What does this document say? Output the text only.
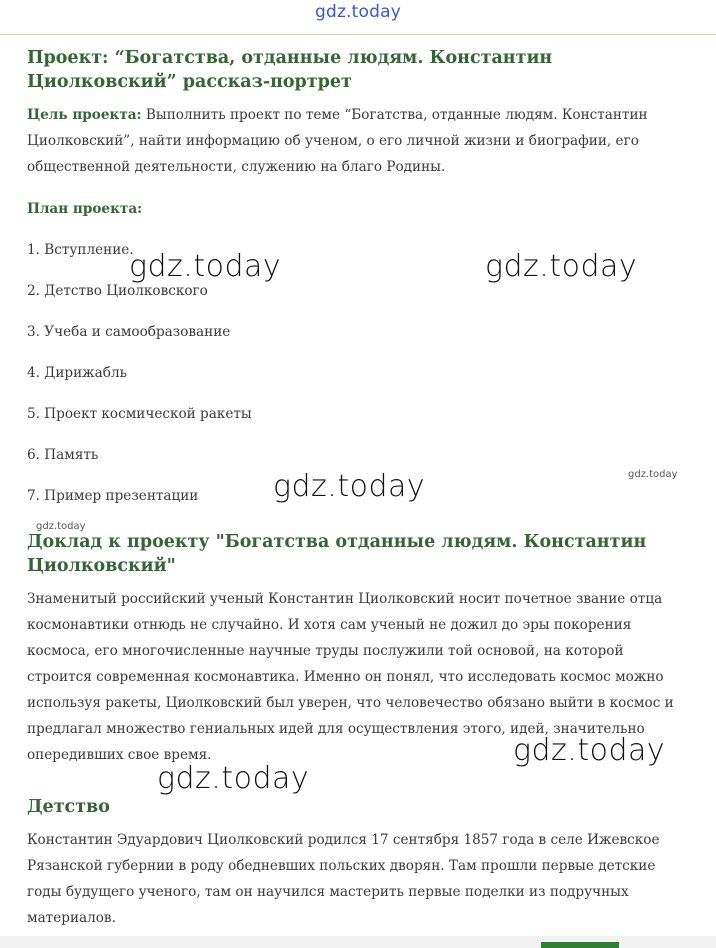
gdz.today
Проект: “Богатства, отданные людям. Константин Циолковский” рассказ-портрет

Цель проекта: Выполнить проект по теме “Богатства, отданные людям. Константин Циолковский”, найти информацию об ученом, о его личной жизни и биографии, его общественной деятельности, служению на благо Родины.

План проекта:
1. Вступление.
2. Детство Циолковского
3. Учеба и самообразование
4. Дирижабль
5. Проект космической ракеты
6. Память
7. Пример презентации
Доклад к проекту "Богатства отданные людям. Константин Циолковский"

Знаменитый российский ученый Константин Циолковский носит почетное звание отца космонавтики отнюдь не случайно. И хотя сам ученый не дожил до эры покорения космоса, его многочисленные научные труды послужили той основой, на которой строится современная космонавтика. Именно он понял, что исследовать космос можно используя ракеты, Циолковский был уверен, что человечество обязано выйти в космос и предлагал множество гениальных идей для осуществления этого, идей, значительно опередивших свое время.

Детство

Константин Эдуардович Циолковский родился 17 сентября 1857 года в селе Ижевское Рязанской губернии в роду обедневших польских дворян. Там прошли первые детские годы будущего ученого, там он научился мастерить первые поделки из подручных материалов.

gdz.today	gdz.today
gdz.today	gdz.today
gdz.today
gdz.today
gdz.today
